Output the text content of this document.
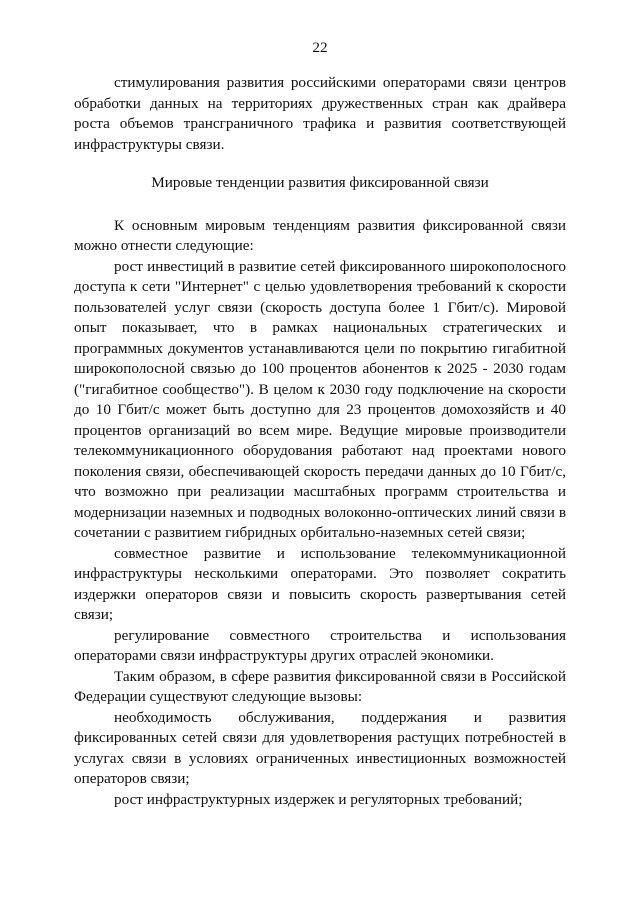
22

стимулирования развития российскими операторами связи центров обработки данных на территориях дружественных стран как драйвера роста объемов трансграничного трафика и развития соответствующей инфраструктуры связи.

Мировые тенденции развития фиксированной связи

К основным мировым тенденциям развития фиксированной связи можно отнести следующие:

рост инвестиций в развитие сетей фиксированного широкополосного доступа к сети "Интернет" с целью удовлетворения требований к скорости пользователей услуг связи (скорость доступа более 1 Гбит/с). Мировой опыт показывает, что в рамках национальных стратегических и программных документов устанавливаются цели по покрытию гигабитной широкополосной связью до 100 процентов абонентов к 2025 - 2030 годам ("гигабитное сообщество"). В целом к 2030 году подключение на скорости до 10 Гбит/с может быть доступно для 23 процентов домохозяйств и 40 процентов организаций во всем мире. Ведущие мировые производители телекоммуникационного оборудования работают над проектами нового поколения связи, обеспечивающей скорость передачи данных до 10 Гбит/с, что возможно при реализации масштабных программ строительства и модернизации наземных и подводных волоконно-оптических линий связи в сочетании с развитием гибридных орбитально-наземных сетей связи;

совместное развитие и использование телекоммуникационной инфраструктуры несколькими операторами. Это позволяет сократить издержки операторов связи и повысить скорость развертывания сетей связи;

регулирование совместного строительства и использования операторами связи инфраструктуры других отраслей экономики.

Таким образом, в сфере развития фиксированной связи в Российской Федерации существуют следующие вызовы:

необходимость обслуживания, поддержания и развития фиксированных сетей связи для удовлетворения растущих потребностей в услугах связи в условиях ограниченных инвестиционных возможностей операторов связи;

рост инфраструктурных издержек и регуляторных требований;
